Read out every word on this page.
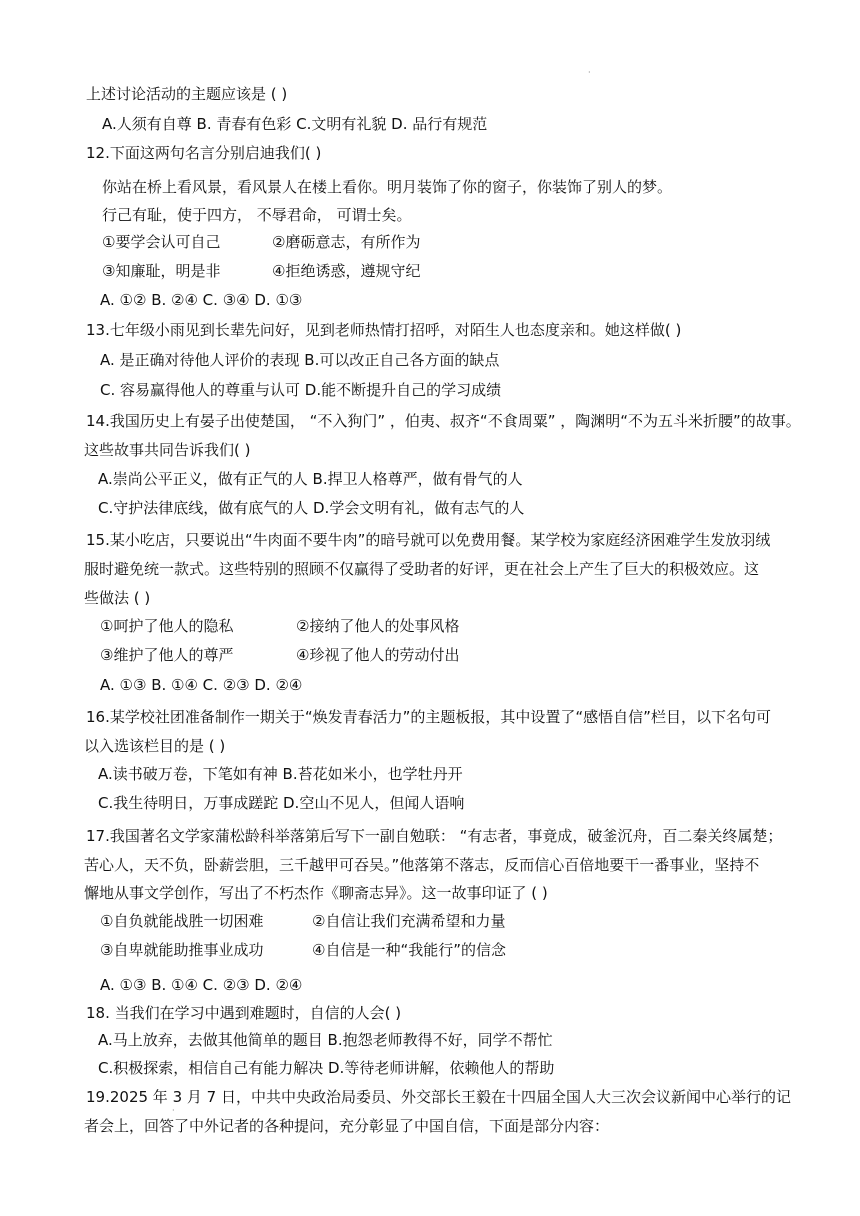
·
上述讨论活动的主题应该是 ( )
A.人须有自尊 B. 青春有色彩 C.文明有礼貌 D. 品行有规范
12.下面这两句名言分别启迪我们( )
你站在桥上看风景，看风景人在楼上看你。明月装饰了你的窗子，你装饰了别人的梦。
行己有耻，使于四方， 不辱君命， 可谓士矣。
①要学会认可自己	②磨砺意志，有所作为
③知廉耻，明是非	④拒绝诱惑，遵规守纪
A. ①② B. ②④ C. ③④ D. ①③
13.七年级小雨见到长辈先问好，见到老师热情打招呼，对陌生人也态度亲和。她这样做( )
A. 是正确对待他人评价的表现 B.可以改正自己各方面的缺点
C. 容易赢得他人的尊重与认可 D.能不断提升自己的学习成绩
14.我国历史上有晏子出使楚国， “不入狗门” ，伯夷、叔齐“不食周粟” ，陶渊明“不为五斗米折腰”的故事。
这些故事共同告诉我们( )
A.崇尚公平正义，做有正气的人 B.捍卫人格尊严，做有骨气的人
C.守护法律底线，做有底气的人 D.学会文明有礼，做有志气的人
15.某小吃店，只要说出“牛肉面不要牛肉”的暗号就可以免费用餐。某学校为家庭经济困难学生发放羽绒
服时避免统一款式。这些特别的照顾不仅赢得了受助者的好评，更在社会上产生了巨大的积极效应。这
些做法 ( )
①呵护了他人的隐私	②接纳了他人的处事风格
③维护了他人的尊严	④珍视了他人的劳动付出
A. ①③ B. ①④ C. ②③ D. ②④
16.某学校社团准备制作一期关于“焕发青春活力”的主题板报，其中设置了“感悟自信”栏目，以下名句可
以入选该栏目的是 ( )
A.读书破万卷，下笔如有神 B.苔花如米小，也学牡丹开
C.我生待明日，万事成蹉跎 D.空山不见人，但闻人语响
17.我国著名文学家蒲松龄科举落第后写下一副自勉联： “有志者，事竟成，破釜沉舟，百二秦关终属楚；
苦心人，天不负，卧薪尝胆，三千越甲可吞吴。”他落第不落志，反而信心百倍地要干一番事业，坚持不
懈地从事文学创作，写出了不朽杰作《聊斋志异》。这一故事印证了 ( )
①自负就能战胜一切困难	②自信让我们充满希望和力量
③自卑就能助推事业成功	④自信是一种“我能行”的信念
A. ①③ B. ①④ C. ②③ D. ②④
18. 当我们在学习中遇到难题时，自信的人会( )
A.马上放弃，去做其他简单的题目 B.抱怨老师教得不好，同学不帮忙
C.积极探索，相信自己有能力解决 D.等待老师讲解，依赖他人的帮助
19.2025 年 3 月 7 日，中共中央政治局委员、外交部长王毅在十四届全国人大三次会议新闻中心举行的记
者会上，回答了中外记者的各种提问，充分彰显了中国自信，下面是部分内容：
·
